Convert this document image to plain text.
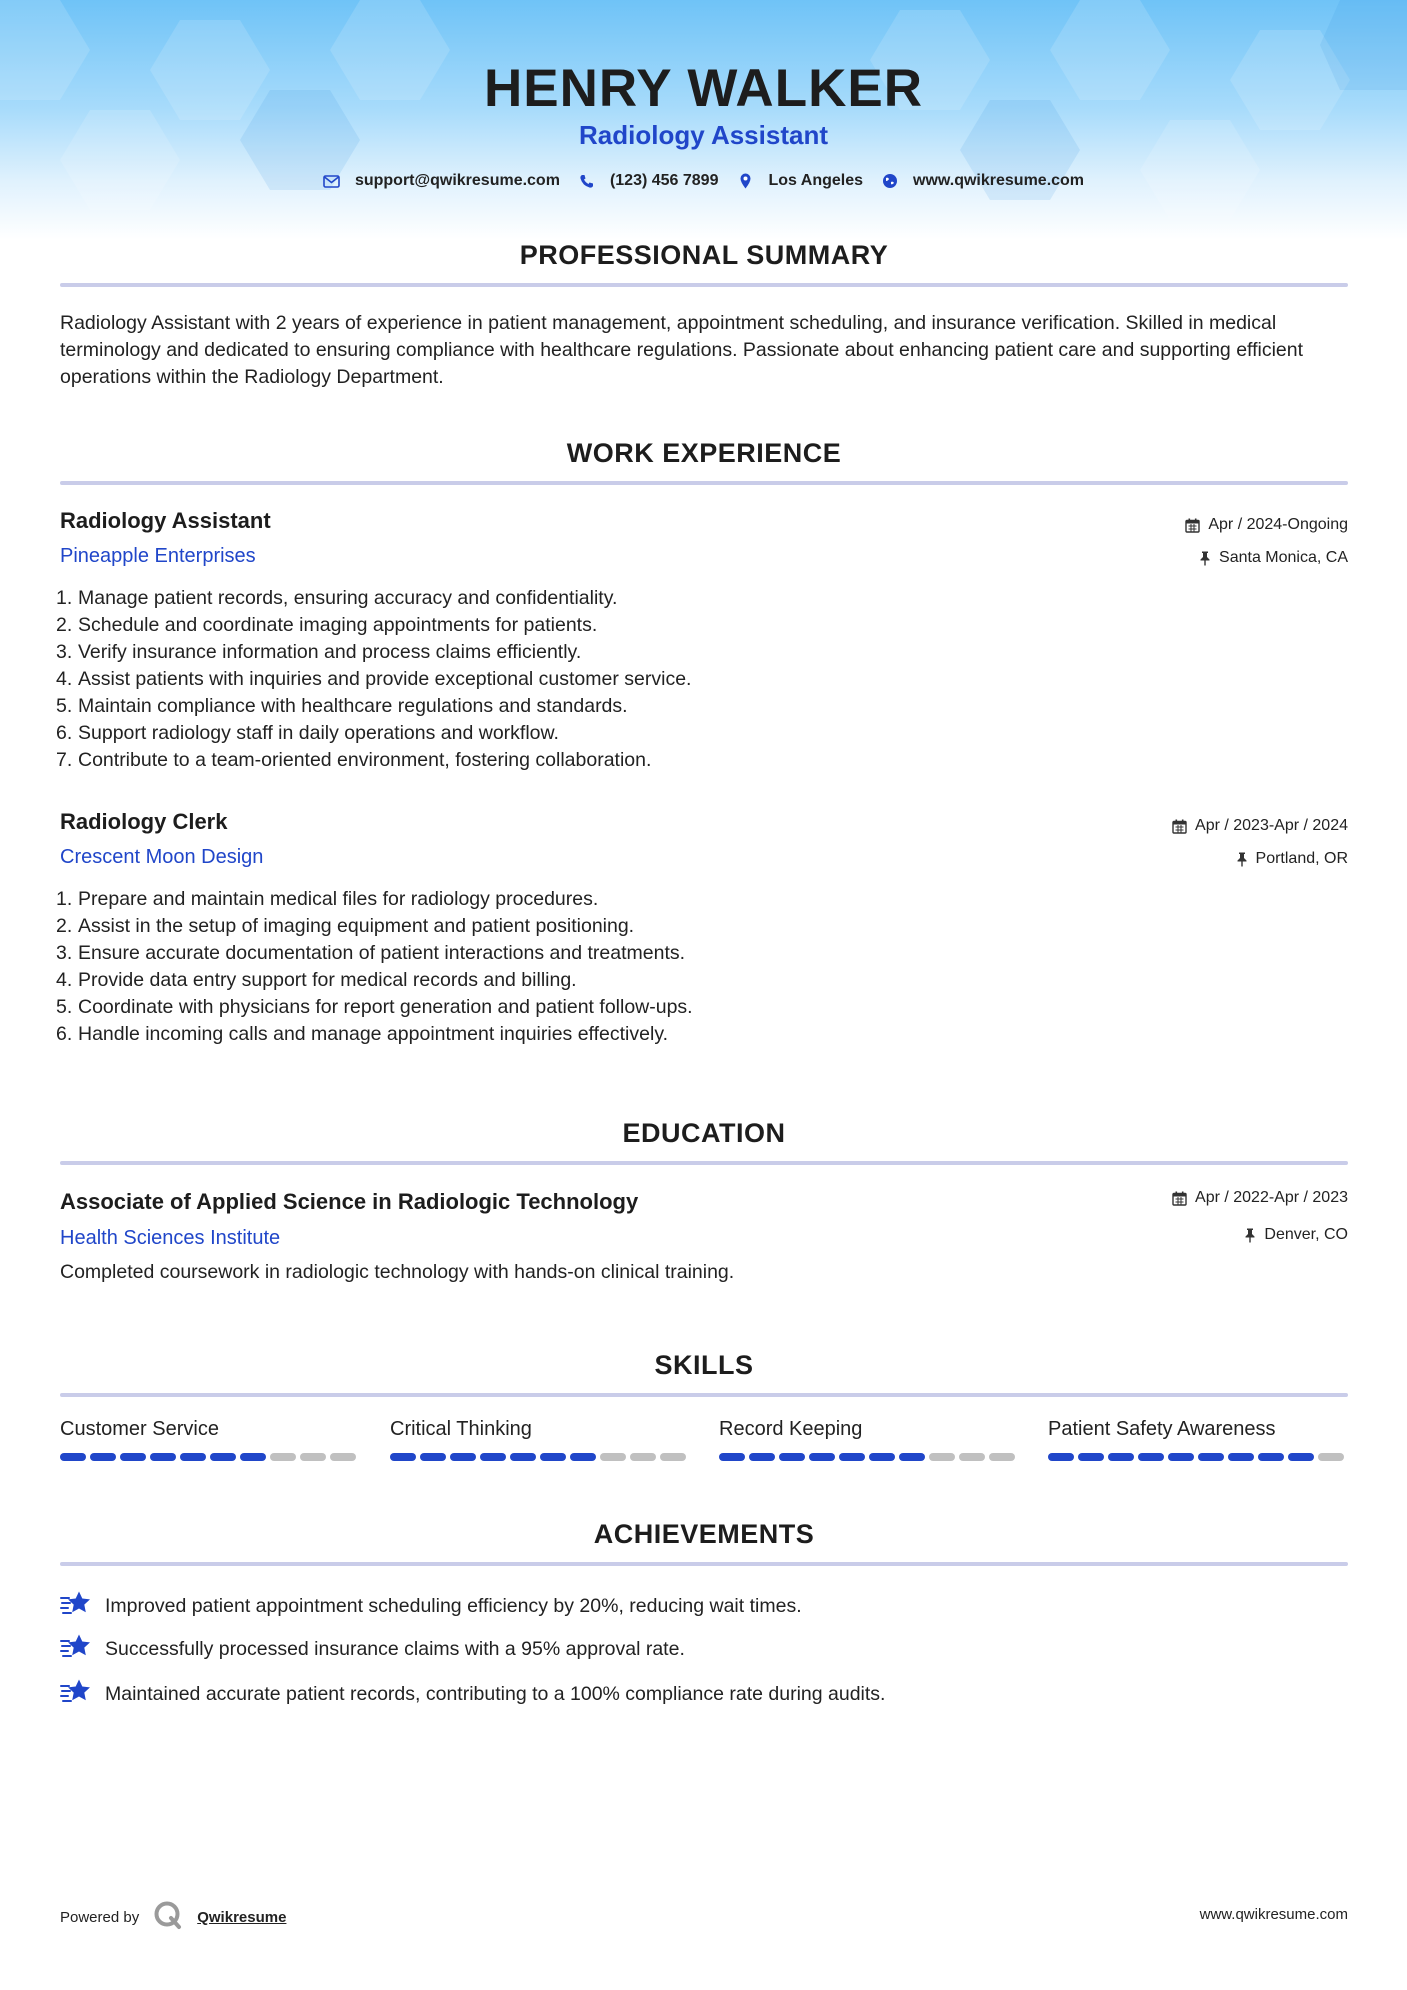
HENRY WALKER
Radiology Assistant
support@qwikresume.com	(123) 456 7899	Los Angeles	www.qwikresume.com
PROFESSIONAL SUMMARY
Radiology Assistant with 2 years of experience in patient management, appointment scheduling, and insurance verification. Skilled in medical terminology and dedicated to ensuring compliance with healthcare regulations. Passionate about enhancing patient care and supporting efficient operations within the Radiology Department.
WORK EXPERIENCE
Radiology Assistant
Pineapple Enterprises
Apr / 2024-Ongoing
Santa Monica, CA
1. Manage patient records, ensuring accuracy and confidentiality.
2. Schedule and coordinate imaging appointments for patients.
3. Verify insurance information and process claims efficiently.
4. Assist patients with inquiries and provide exceptional customer service.
5. Maintain compliance with healthcare regulations and standards.
6. Support radiology staff in daily operations and workflow.
7. Contribute to a team-oriented environment, fostering collaboration.
Radiology Clerk
Crescent Moon Design
Apr / 2023-Apr / 2024
Portland, OR
1. Prepare and maintain medical files for radiology procedures.
2. Assist in the setup of imaging equipment and patient positioning.
3. Ensure accurate documentation of patient interactions and treatments.
4. Provide data entry support for medical records and billing.
5. Coordinate with physicians for report generation and patient follow-ups.
6. Handle incoming calls and manage appointment inquiries effectively.
EDUCATION
Associate of Applied Science in Radiologic Technology
Health Sciences Institute
Apr / 2022-Apr / 2023
Denver, CO
Completed coursework in radiologic technology with hands-on clinical training.
SKILLS
Customer Service	Critical Thinking	Record Keeping	Patient Safety Awareness
ACHIEVEMENTS
Improved patient appointment scheduling efficiency by 20%, reducing wait times.
Successfully processed insurance claims with a 95% approval rate.
Maintained accurate patient records, contributing to a 100% compliance rate during audits.
Powered by	Qwikresume	www.qwikresume.com
